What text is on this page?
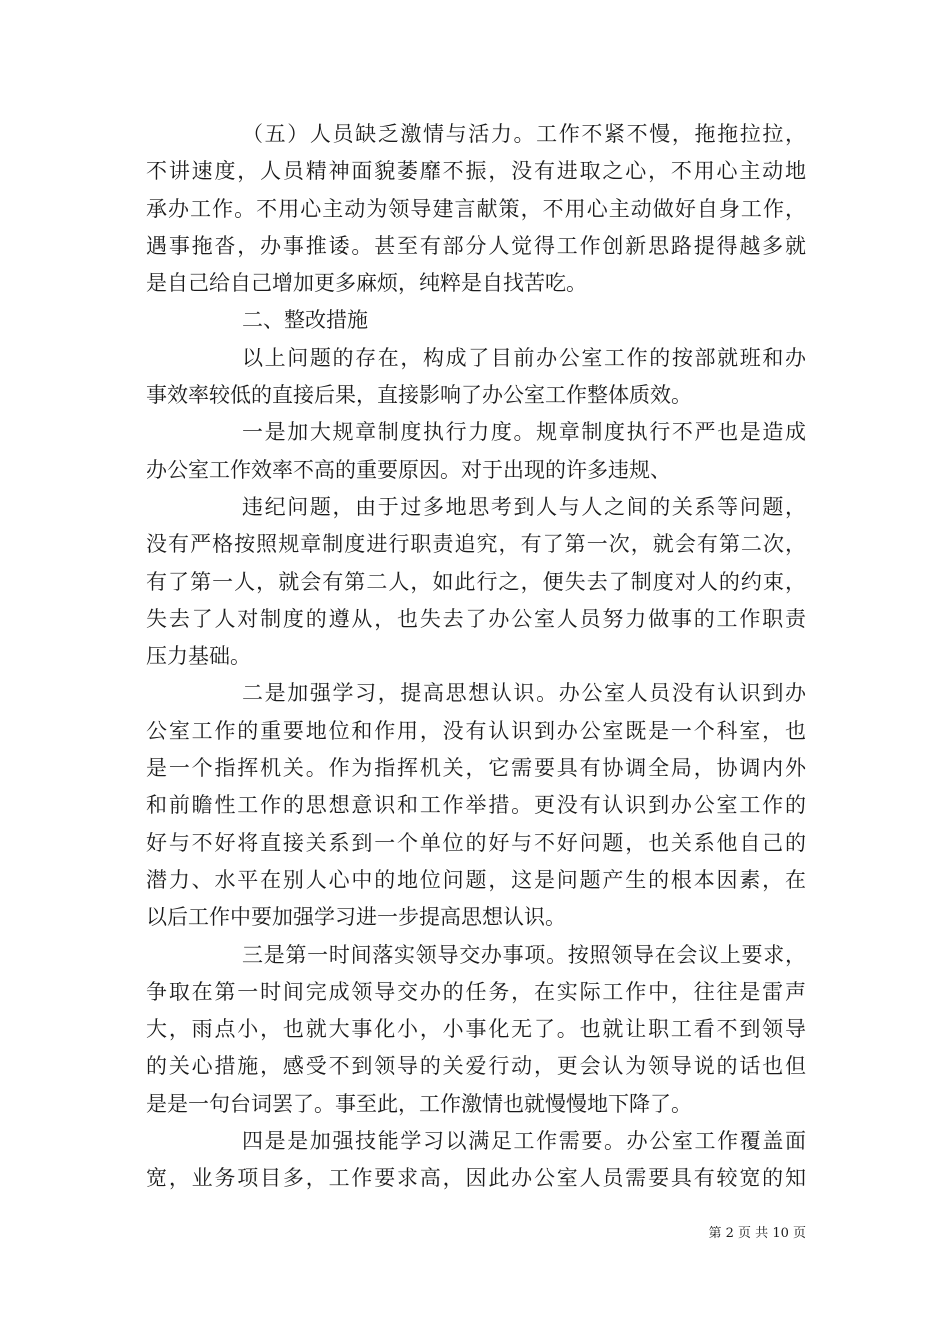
（五）人员缺乏激情与活力。工作不紧不慢，拖拖拉拉，
不讲速度，人员精神面貌萎靡不振，没有进取之心，不用心主动地
承办工作。不用心主动为领导建言献策，不用心主动做好自身工作，
遇事拖沓，办事推诿。甚至有部分人觉得工作创新思路提得越多就
是自己给自己增加更多麻烦，纯粹是自找苦吃。
二、整改措施
以上问题的存在，构成了目前办公室工作的按部就班和办
事效率较低的直接后果，直接影响了办公室工作整体质效。
一是加大规章制度执行力度。规章制度执行不严也是造成
办公室工作效率不高的重要原因。对于出现的许多违规、
违纪问题，由于过多地思考到人与人之间的关系等问题，
没有严格按照规章制度进行职责追究，有了第一次，就会有第二次，
有了第一人，就会有第二人，如此行之，便失去了制度对人的约束，
失去了人对制度的遵从，也失去了办公室人员努力做事的工作职责
压力基础。
二是加强学习，提高思想认识。办公室人员没有认识到办
公室工作的重要地位和作用，没有认识到办公室既是一个科室，也
是一个指挥机关。作为指挥机关，它需要具有协调全局，协调内外
和前瞻性工作的思想意识和工作举措。更没有认识到办公室工作的
好与不好将直接关系到一个单位的好与不好问题，也关系他自己的
潜力、水平在别人心中的地位问题，这是问题产生的根本因素，在
以后工作中要加强学习进一步提高思想认识。
三是第一时间落实领导交办事项。按照领导在会议上要求，
争取在第一时间完成领导交办的任务，在实际工作中，往往是雷声
大，雨点小，也就大事化小，小事化无了。也就让职工看不到领导
的关心措施，感受不到领导的关爱行动，更会认为领导说的话也但
是是一句台词罢了。事至此，工作激情也就慢慢地下降了。
四是是加强技能学习以满足工作需要。办公室工作覆盖面
宽，业务项目多，工作要求高，因此办公室人员需要具有较宽的知
第 2 页 共 10 页
